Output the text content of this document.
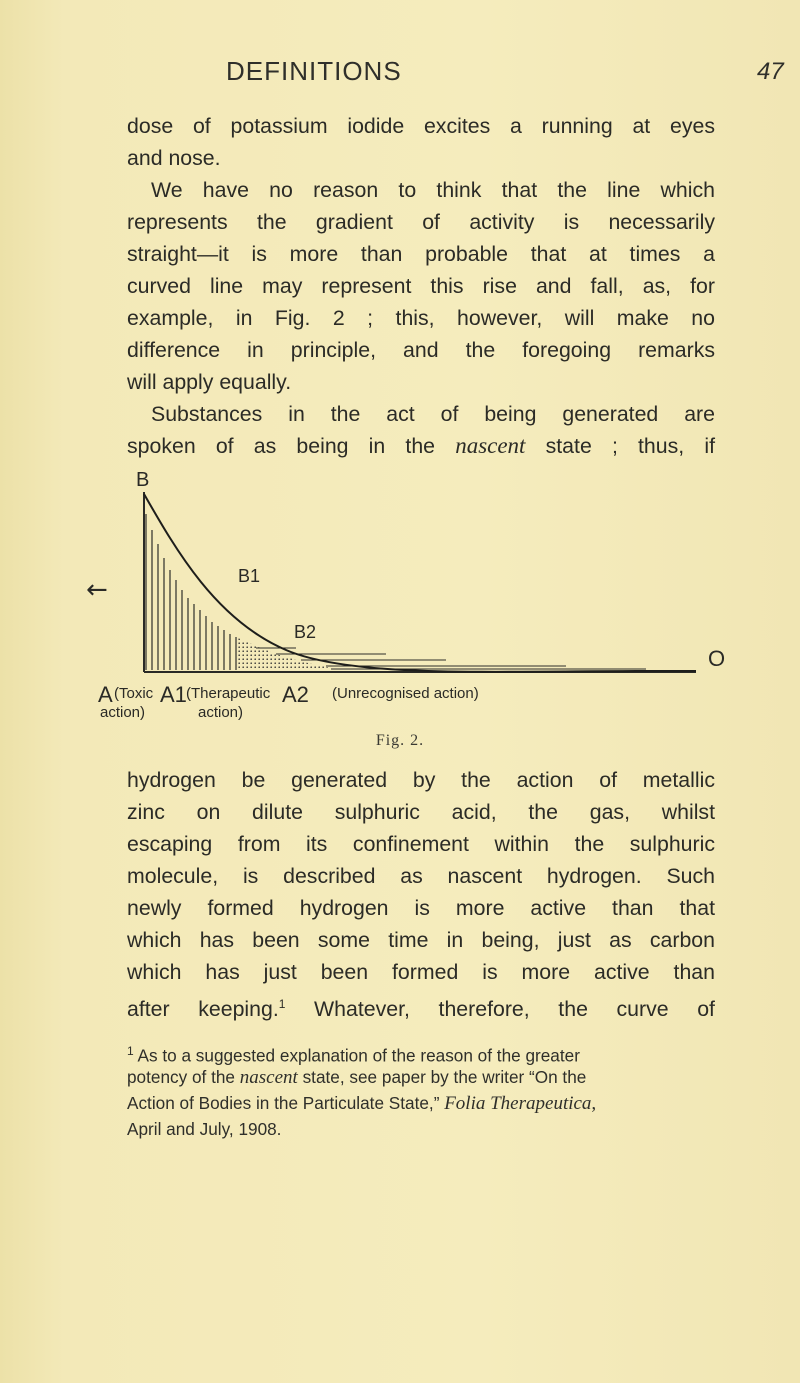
DEFINITIONS	47
dose of potassium iodide excites a running at eyes
and nose.
We have no reason to think that the line which
represents the gradient of activity is necessarily
straight—it is more than probable that at times a
curved line may represent this rise and fall, as, for
example, in Fig. 2 ; this, however, will make no
difference in principle, and the foregoing remarks
will apply equally.
Substances in the act of being generated are
spoken of as being in the nascent state ; thus, if
←
B
B1
B2
O
A (Toxic
action)
A1 (Therapeutic
action)
A2 (Unrecognised action)
Fig. 2.
hydrogen be generated by the action of metallic
zinc on dilute sulphuric acid, the gas, whilst
escaping from its confinement within the sulphuric
molecule, is described as nascent hydrogen. Such
newly formed hydrogen is more active than that
which has been some time in being, just as carbon
which has just been formed is more active than
after keeping.$^1$ Whatever, therefore, the curve of
$^1$ As to a suggested explanation of the reason of the greater
potency of the nascent state, see paper by the writer “On the
Action of Bodies in the Particulate State,” Folia Therapeutica,
April and July, 1908.
